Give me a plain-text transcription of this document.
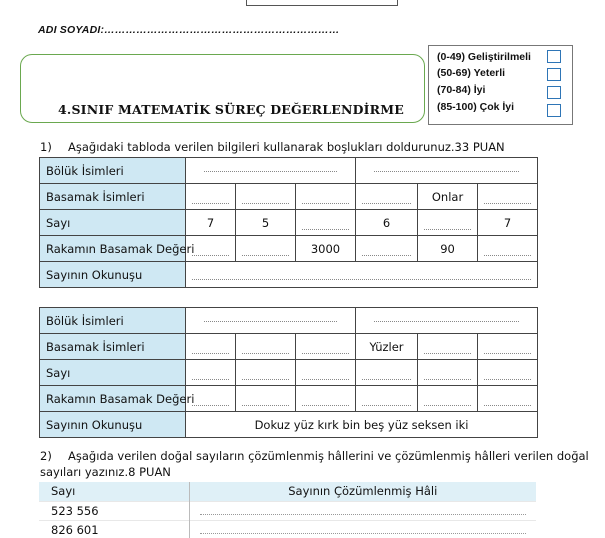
ADI SOYADI:…………………………………………………………
4.SINIF MATEMATİK SÜREÇ DEĞERLENDİRME
(0-49) Geliştirilmeli
(50-69) Yeterli
(70-84) İyi
(85-100) Çok İyi
1) Aşağıdaki tabloda verilen bilgileri kullanarak boşlukları doldurunuz.33 PUAN
Bölük İsimleri					

Basamak İsimleri					Onlar	

Sayı	7	5		6		7
Rakamın Basamak Değeri			3000		90	

Sayının Okunuşu						
Bölük İsimleri					

Basamak İsimleri				Yüzler	

Sayı	

Rakamın Basamak Değeri	

Sayının Okunuşu	Dokuz yüz kırk bin beş yüz seksen iki					
2) Aşağıda verilen doğal sayıların çözümlenmiş hâllerini ve çözümlenmiş hâlleri verilen doğal
sayıları yazınız.8 PUAN
Sayı	Sayının Çözümlenmiş Hâli
523 556	

826 601	
